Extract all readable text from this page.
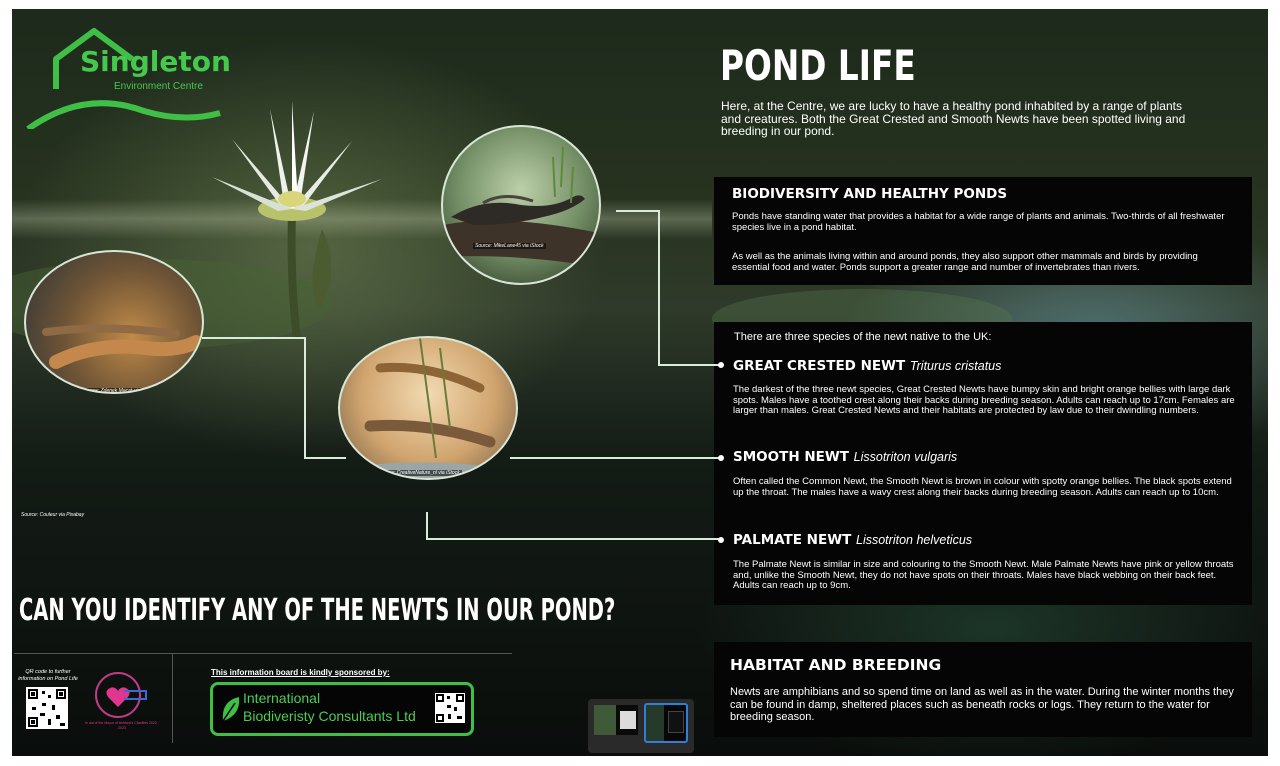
Singleton
Environment Centre	POND LIFE
Here, at the Centre, we are lucky to have a healthy pond inhabited by a range of plants and creatures. Both the Great Crested and Smooth Newts have been spotted living and breeding in our pond.
BIODIVERSITY AND HEALTHY PONDS
Ponds have standing water that provides a habitat for a wide range of plants and animals. Two-thirds of all freshwater species live in a pond habitat.
As well as the animals living within and around ponds, they also support other mammals and birds by providing essential food and water. Ponds support a greater range and number of invertebrates than rivers.
There are three species of the newt native to the UK:
GREAT CRESTED NEWT Triturus cristatus
The darkest of the three newt species, Great Crested Newts have bumpy skin and bright orange bellies with large dark spots. Males have a toothed crest along their backs during breeding season. Adults can reach up to 17cm. Females are larger than males. Great Crested Newts and their habitats are protected by law due to their dwindling numbers.
SMOOTH NEWT Lissotriton vulgaris
Often called the Common Newt, the Smooth Newt is brown in colour with spotty orange bellies. The black spots extend up the throat. The males have a wavy crest along their backs during breeding season. Adults can reach up to 10cm.
PALMATE NEWT Lissotriton helveticus
The Palmate Newt is similar in size and colouring to the Smooth Newt. Male Palmate Newts have pink or yellow throats and, unlike the Smooth Newt, they do not have spots on their throats. Males have black webbing on their back feet. Adults can reach up to 9cm.
HABITAT AND BREEDING
Newts are amphibians and so spend time on land as well as in the water. During the winter months they can be found in damp, sheltered places such as beneath rocks or logs. They return to the water for breeding season.
Source: MikeLane45 via iStock
Source: Zdenek Macat via iStock
Source: CreativeNature_nl via iStock
Source: Couleur via Pixabay
CAN YOU IDENTIFY ANY OF THE NEWTS IN OUR POND?
QR code to further information on Pond Life
In aid of the Mayor of Ashford's Charities 2022 - 2023
This information board is kindly sponsored by:
International
Biodiveristy Consultants Ltd
